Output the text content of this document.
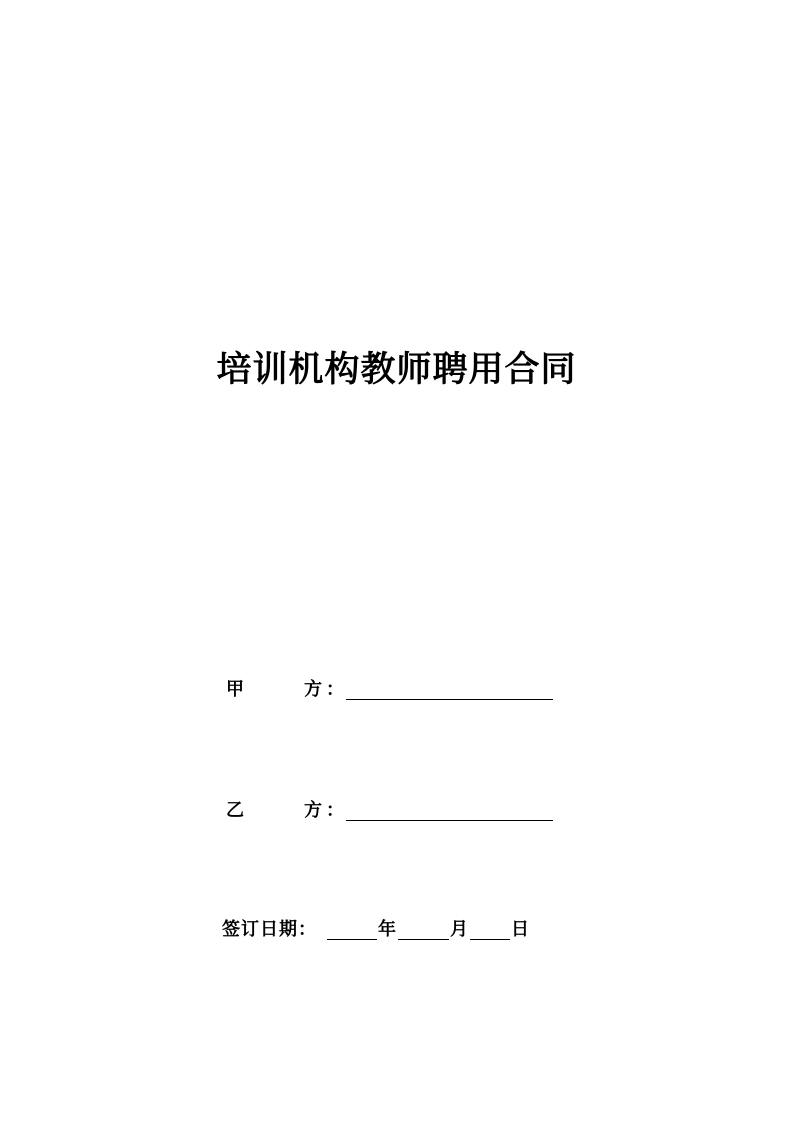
培训机构教师聘用合同
甲	方 ：
乙	方 ：
签订日期：	年	月 日
